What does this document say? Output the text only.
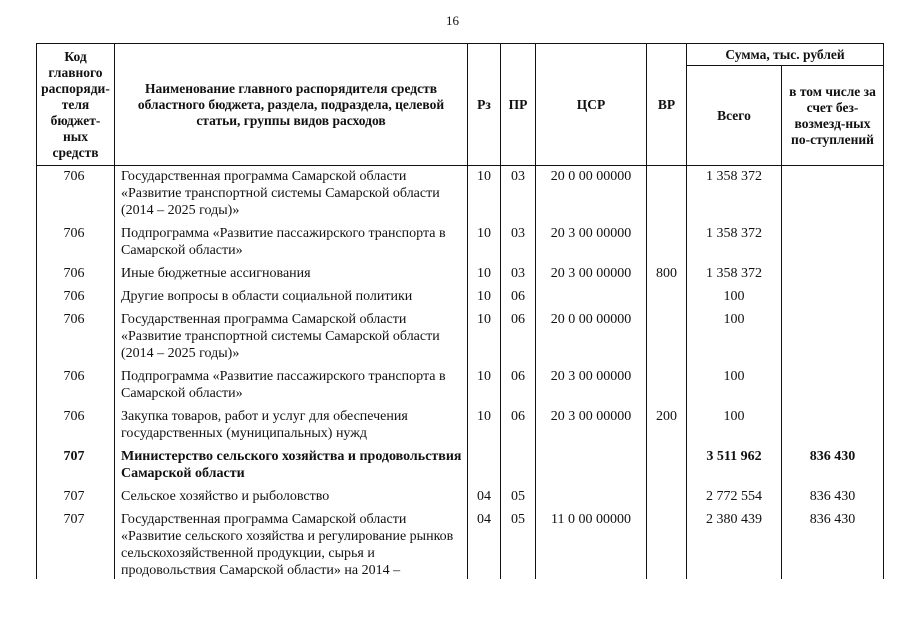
16
Код главного распоряди-теля бюджет-ных средств	Наименование главного распорядителя средств областного бюджета, раздела, подраздела, целевой статьи, группы видов расходов	Рз	ПР	ЦСР	ВР	Сумма, тыс. рублей	
						Всего	в том числе за счет без-возмезд-ных по-ступлений
706	Государственная программа Самарской области «Развитие транспортной системы Самарской области (2014 – 2025 годы)»	10	03	20 0 00 00000		1 358 372	
706	Подпрограмма «Развитие пассажирского транспорта в Самарской области»	10	03	20 3 00 00000		1 358 372	
706	Иные бюджетные ассигнования	10	03	20 3 00 00000	800	1 358 372	
706	Другие вопросы в области социальной политики	10	06			100	
706	Государственная программа Самарской области «Развитие транспортной системы Самарской области (2014 – 2025 годы)»	10	06	20 0 00 00000		100	
706	Подпрограмма «Развитие пассажирского транспорта в Самарской области»	10	06	20 3 00 00000		100	
706	Закупка товаров, работ и услуг для обеспечения государственных (муниципальных) нужд	10	06	20 3 00 00000	200	100	
707	Министерство сельского хозяйства и продовольствия Самарской области					3 511 962	836 430
707	Сельское хозяйство и рыболовство	04	05			2 772 554	836 430
707	Государственная программа Самарской области «Развитие сельского хозяйства и регулирование рынков сельскохозяйственной продукции, сырья и продовольствия Самарской области» на 2014 –	04	05	11 0 00 00000		2 380 439	836 430
